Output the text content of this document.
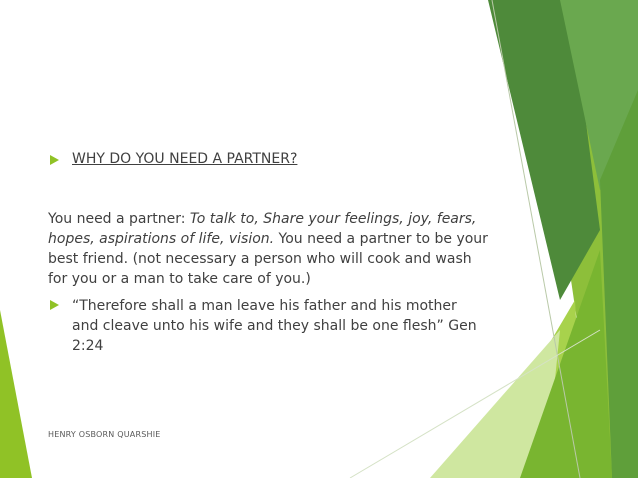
WHY DO YOU NEED A PARTNER?
You need a partner: To talk to, Share your feelings, joy, fears, hopes, aspirations of life, vision. You need a partner to be your best friend. (not necessary a person who will cook and wash for you or a man to take care of you.)
“Therefore shall a man leave his father and his mother and cleave unto his wife and they shall be one flesh” Gen 2:24
HENRY OSBORN QUARSHIE
